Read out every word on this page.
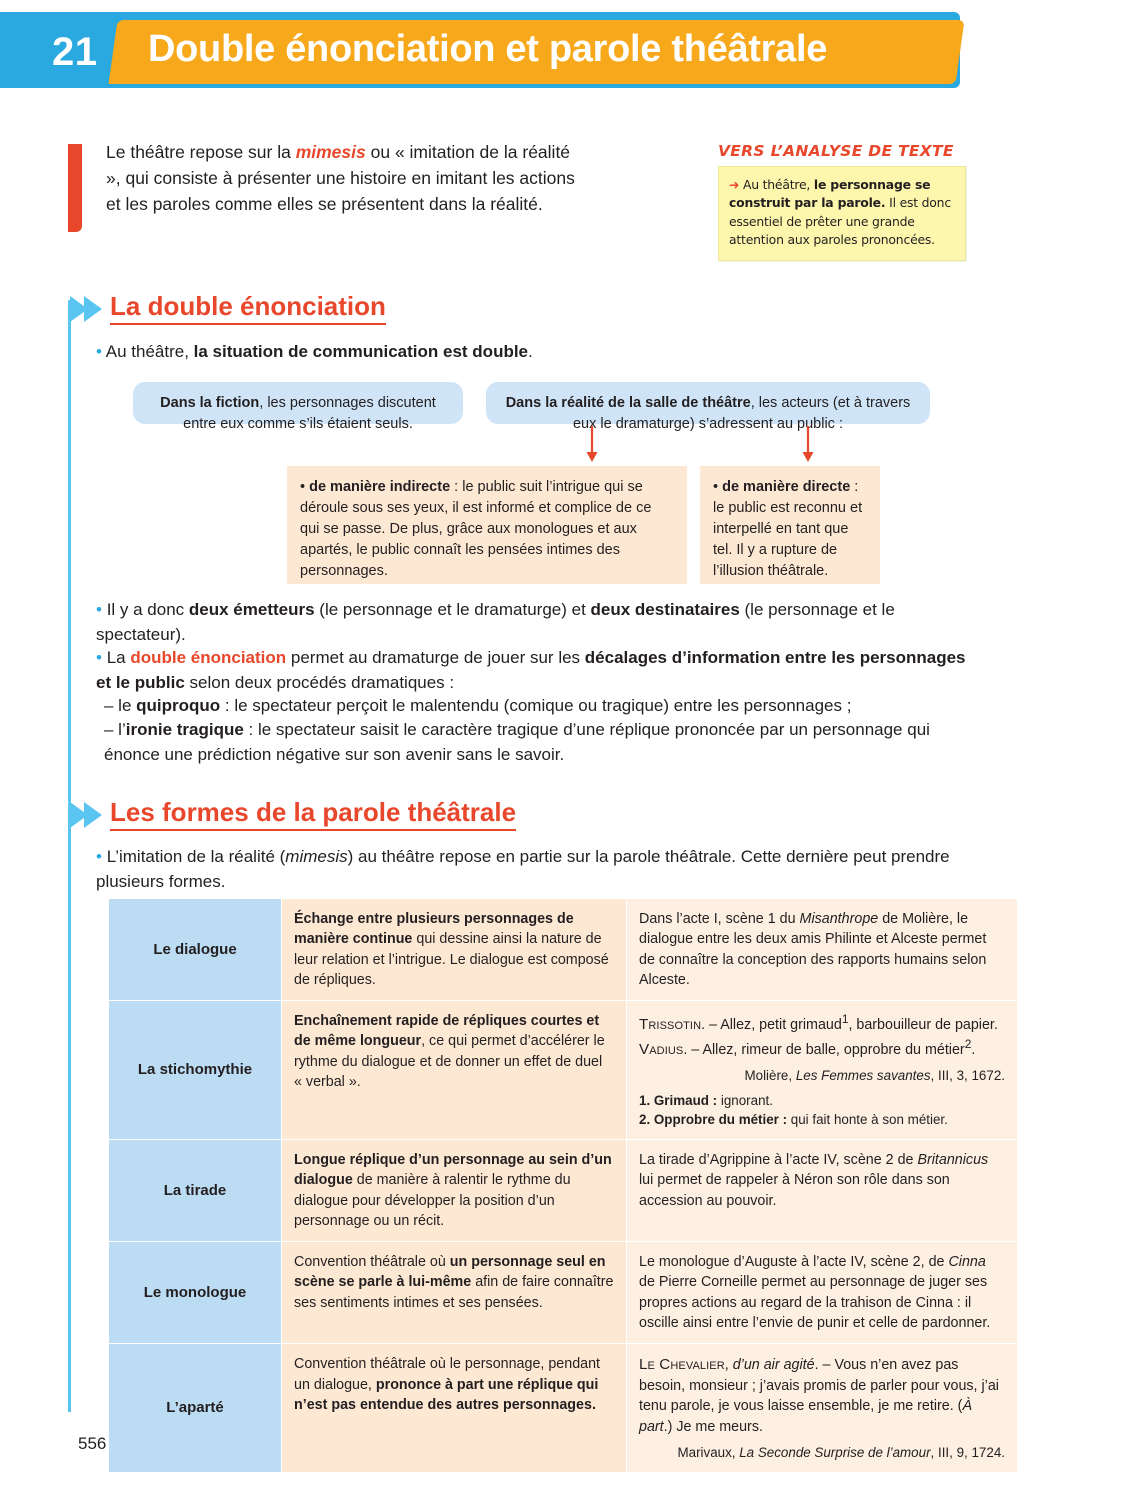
21 Double énonciation et parole théâtrale
Le théâtre repose sur la mimesis ou « imitation de la réalité », qui consiste à présenter une histoire en imitant les actions et les paroles comme elles se présentent dans la réalité.
VERS L’ANALYSE DE TEXTE
➜ Au théâtre, le personnage se construit par la parole. Il est donc essentiel de prêter une grande attention aux paroles prononcées.
La double énonciation
• Au théâtre, la situation de communication est double.
Dans la fiction, les personnages discutent entre eux comme s’ils étaient seuls.
Dans la réalité de la salle de théâtre, les acteurs (et à travers eux le dramaturge) s’adressent au public :
• de manière indirecte : le public suit l’intrigue qui se déroule sous ses yeux, il est informé et complice de ce qui se passe. De plus, grâce aux monologues et aux apartés, le public connaît les pensées intimes des personnages.
• de manière directe : le public est reconnu et interpellé en tant que tel. Il y a rupture de l’illusion théâtrale.
• Il y a donc deux émetteurs (le personnage et le dramaturge) et deux destinataires (le personnage et le spectateur).
• La double énonciation permet au dramaturge de jouer sur les décalages d’information entre les personnages et le public selon deux procédés dramatiques :
– le quiproquo : le spectateur perçoit le malentendu (comique ou tragique) entre les personnages ;
– l’ironie tragique : le spectateur saisit le caractère tragique d’une réplique prononcée par un personnage qui énonce une prédiction négative sur son avenir sans le savoir.
Les formes de la parole théâtrale
• L’imitation de la réalité (mimesis) au théâtre repose en partie sur la parole théâtrale. Cette dernière peut prendre plusieurs formes.
Le dialogue	Échange entre plusieurs personnages de manière continue qui dessine ainsi la nature de leur relation et l’intrigue. Le dialogue est composé de répliques.	Dans l’acte I, scène 1 du Misanthrope de Molière, le dialogue entre les deux amis Philinte et Alceste permet de connaître la conception des rapports humains selon Alceste.
La stichomythie	Enchaînement rapide de répliques courtes et de même longueur, ce qui permet d’accélérer le rythme du dialogue et de donner un effet de duel « verbal ».	Trissotin. – Allez, petit grimaud$^1$, barbouilleur de papier.
Vadius. – Allez, rimeur de balle, opprobre du métier$^2$.
Molière, Les Femmes savantes, III, 3, 1672.
1. Grimaud : ignorant.
2. Opprobre du métier : qui fait honte à son métier.

La tirade	Longue réplique d’un personnage au sein d’un dialogue de manière à ralentir le rythme du dialogue pour développer la position d’un personnage ou un récit.	La tirade d’Agrippine à l’acte IV, scène 2 de Britannicus lui permet de rappeler à Néron son rôle dans son accession au pouvoir.
Le monologue	Convention théâtrale où un personnage seul en scène se parle à lui-même afin de faire connaître ses sentiments intimes et ses pensées.	Le monologue d’Auguste à l’acte IV, scène 2, de Cinna de Pierre Corneille permet au personnage de juger ses propres actions au regard de la trahison de Cinna : il oscille ainsi entre l’envie de punir et celle de pardonner.
L’aparté	Convention théâtrale où le personnage, pendant un dialogue, prononce à part une réplique qui n’est pas entendue des autres personnages.	Le Chevalier, d’un air agité. – Vous n’en avez pas besoin, monsieur ; j’avais promis de parler pour vous, j’ai tenu parole, je vous laisse ensemble, je me retire. (À part.) Je me meurs.
Marivaux, La Seconde Surprise de l’amour, III, 9, 1724.
556
